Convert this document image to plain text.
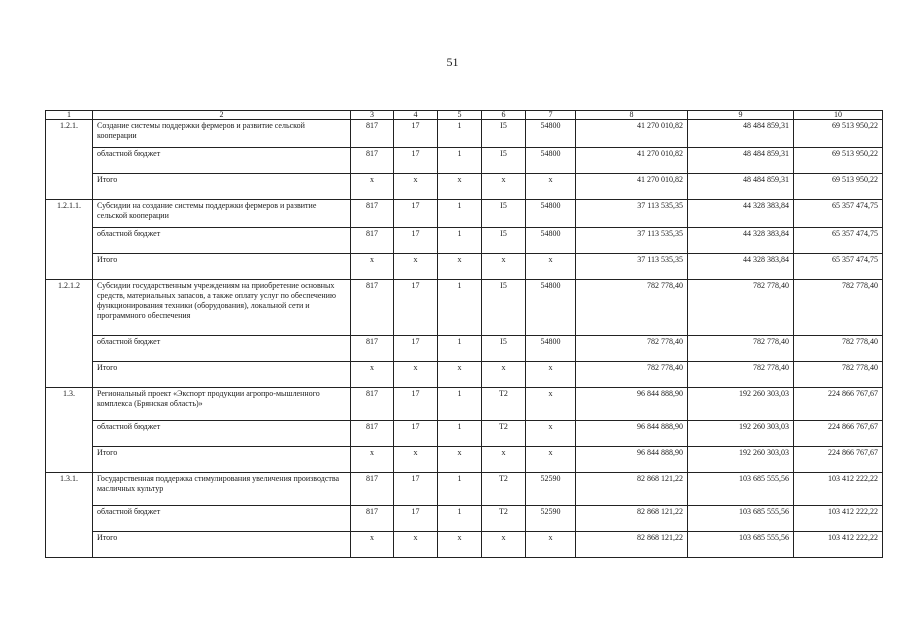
51
1	2	3	4	5	6	7	8	9	10
1.2.1.	Создание системы поддержки фермеров и развитие сельской кооперации	817	17	1	I5	54800	41 270 010,82	48 484 859,31	69 513 950,22
	областной бюджет	817	17	1	I5	54800	41 270 010,82	48 484 859,31	69 513 950,22
	Итого	х	х	х	х	х	41 270 010,82	48 484 859,31	69 513 950,22
1.2.1.1.	Субсидии на создание системы поддержки фермеров и развитие сельской кооперации	817	17	1	I5	54800	37 113 535,35	44 328 383,84	65 357 474,75
	областной бюджет	817	17	1	I5	54800	37 113 535,35	44 328 383,84	65 357 474,75
	Итого	х	х	х	х	х	37 113 535,35	44 328 383,84	65 357 474,75
1.2.1.2	Субсидии государственным учреждениям на приобретение основных средств, материальных запасов, а также оплату услуг по обеспечению функционирования техники (оборудования), локальной сети и программного обеспечения	817	17	1	I5	54800	782 778,40	782 778,40	782 778,40
	областной бюджет	817	17	1	I5	54800	782 778,40	782 778,40	782 778,40
	Итого	х	х	х	х	х	782 778,40	782 778,40	782 778,40
1.3.	Региональный проект «Экспорт продукции агропро-мышленного комплекса (Брянская область)»	817	17	1	T2	х	96 844 888,90	192 260 303,03	224 866 767,67
	областной бюджет	817	17	1	T2	х	96 844 888,90	192 260 303,03	224 866 767,67
	Итого	х	х	х	х	х	96 844 888,90	192 260 303,03	224 866 767,67
1.3.1.	Государственная поддержка стимулирования увеличения производства масличных культур	817	17	1	T2	52590	82 868 121,22	103 685 555,56	103 412 222,22
	областной бюджет	817	17	1	T2	52590	82 868 121,22	103 685 555,56	103 412 222,22
	Итого	х	х	х	х	х	82 868 121,22	103 685 555,56	103 412 222,22
